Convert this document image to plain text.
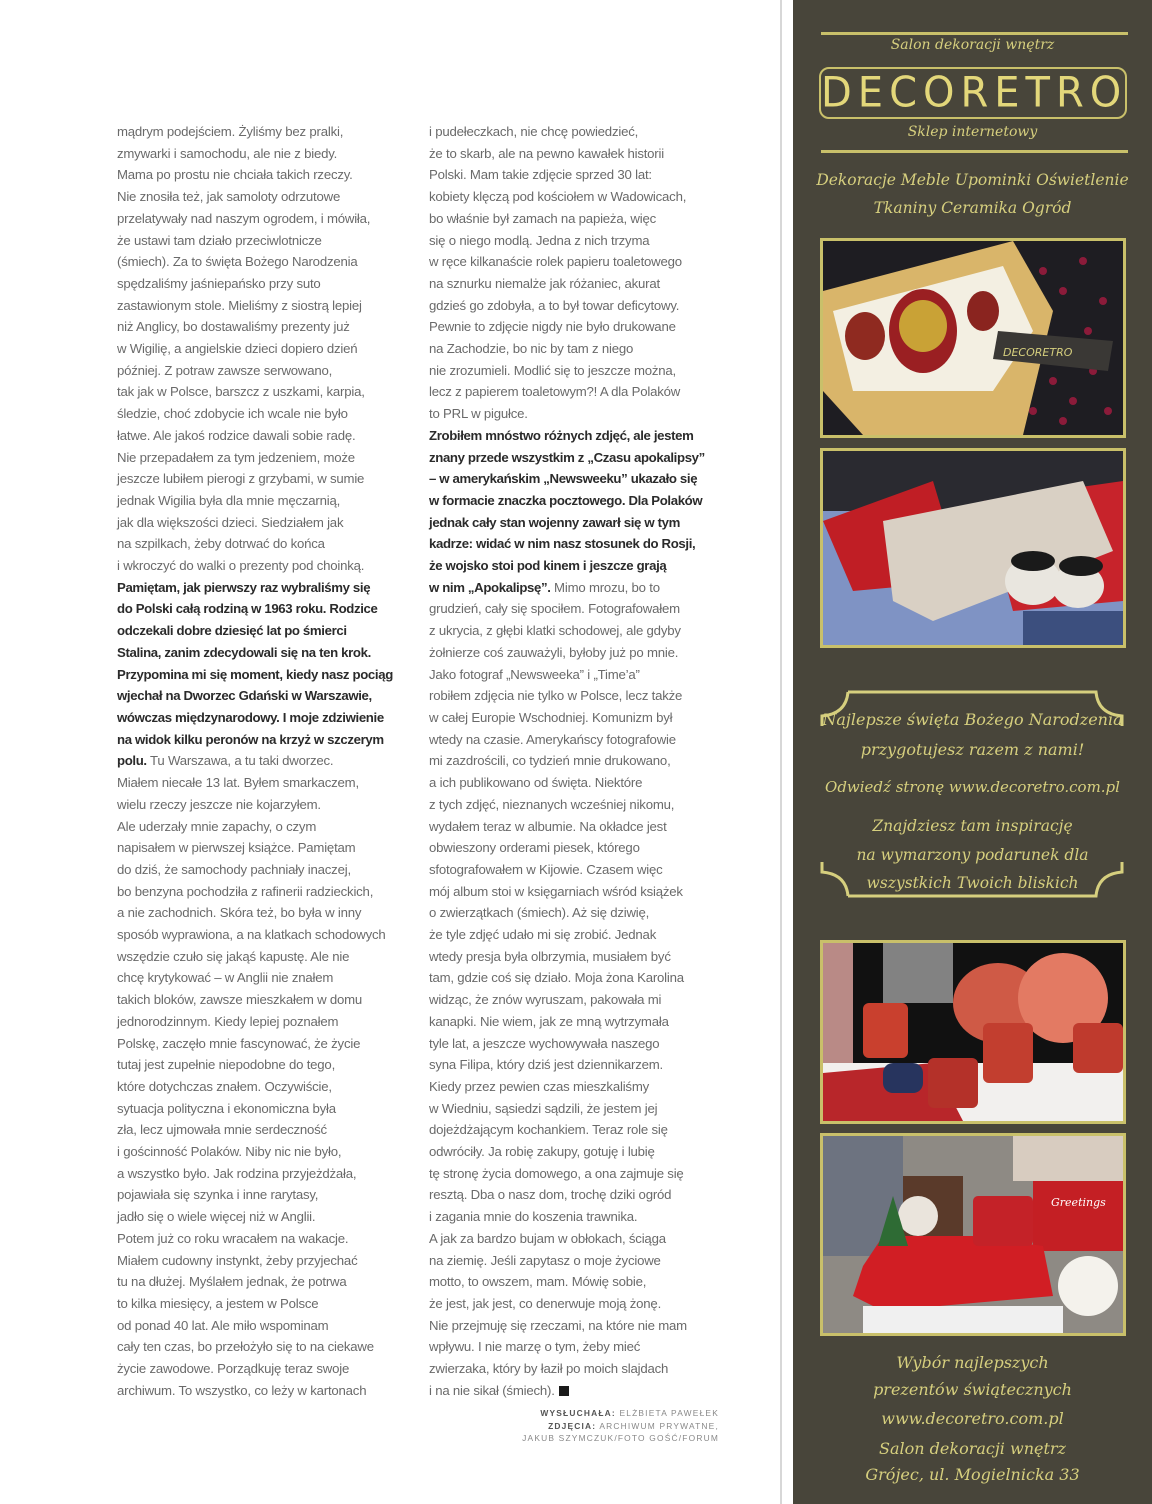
mądrym podejściem. Żyliśmy bez pralki,

zmywarki i samochodu, ale nie z biedy.

Mama po prostu nie chciała takich rzeczy.

Nie znosiła też, jak samoloty odrzutowe

przelatywały nad naszym ogrodem, i mówiła,

że ustawi tam działo przeciwlotnicze

(śmiech). Za to święta Bożego Narodzenia

spędzaliśmy jaśniepańsko przy suto

zastawionym stole. Mieliśmy z siostrą lepiej

niż Anglicy, bo dostawaliśmy prezenty już

w Wigilię, a angielskie dzieci dopiero dzień

później. Z potraw zawsze serwowano,

tak jak w Polsce, barszcz z uszkami, karpia,

śledzie, choć zdobycie ich wcale nie było

łatwe. Ale jakoś rodzice dawali sobie radę.

Nie przepadałem za tym jedzeniem, może

jeszcze lubiłem pierogi z grzybami, w sumie

jednak Wigilia była dla mnie męczarnią,

jak dla większości dzieci. Siedziałem jak

na szpilkach, żeby dotrwać do końca

i wkroczyć do walki o prezenty pod choinką.

Pamiętam, jak pierwszy raz wybraliśmy się

do Polski całą rodziną w 1963 roku. Rodzice

odczekali dobre dziesięć lat po śmierci

Stalina, zanim zdecydowali się na ten krok.

Przypomina mi się moment, kiedy nasz pociąg

wjechał na Dworzec Gdański w Warszawie,

wówczas międzynarodowy. I moje zdziwienie

na widok kilku peronów na krzyż w szczerym

polu. Tu Warszawa, a tu taki dworzec.

Miałem niecałe 13 lat. Byłem smarkaczem,

wielu rzeczy jeszcze nie kojarzyłem.

Ale uderzały mnie zapachy, o czym

napisałem w pierwszej książce. Pamiętam

do dziś, że samochody pachniały inaczej,

bo benzyna pochodziła z rafinerii radzieckich,

a nie zachodnich. Skóra też, bo była w inny

sposób wyprawiona, a na klatkach schodowych

wszędzie czuło się jakąś kapustę. Ale nie

chcę krytykować – w Anglii nie znałem

takich bloków, zawsze mieszkałem w domu

jednorodzinnym. Kiedy lepiej poznałem

Polskę, zaczęło mnie fascynować, że życie

tutaj jest zupełnie niepodobne do tego,

które dotychczas znałem. Oczywiście,

sytuacja polityczna i ekonomiczna była

zła, lecz ujmowała mnie serdeczność

i gościnność Polaków. Niby nic nie było,

a wszystko było. Jak rodzina przyjeżdżała,

pojawiała się szynka i inne rarytasy,

jadło się o wiele więcej niż w Anglii.

Potem już co roku wracałem na wakacje.

Miałem cudowny instynkt, żeby przyjechać

tu na dłużej. Myślałem jednak, że potrwa

to kilka miesięcy, a jestem w Polsce

od ponad 40 lat. Ale miło wspominam

cały ten czas, bo przełożyło się to na ciekawe

życie zawodowe. Porządkuję teraz swoje

archiwum. To wszystko, co leży w kartonach

i pudełeczkach, nie chcę powiedzieć,

że to skarb, ale na pewno kawałek historii

Polski. Mam takie zdjęcie sprzed 30 lat:

kobiety klęczą pod kościołem w Wadowicach,

bo właśnie był zamach na papieża, więc

się o niego modlą. Jedna z nich trzyma

w ręce kilkanaście rolek papieru toaletowego

na sznurku niemalże jak różaniec, akurat

gdzieś go zdobyła, a to był towar deficytowy.

Pewnie to zdjęcie nigdy nie było drukowane

na Zachodzie, bo nic by tam z niego

nie zrozumieli. Modlić się to jeszcze można,

lecz z papierem toaletowym?! A dla Polaków

to PRL w pigułce.

Zrobiłem mnóstwo różnych zdjęć, ale jestem

znany przede wszystkim z „Czasu apokalipsy”

– w amerykańskim „Newsweeku” ukazało się

w formacie znaczka pocztowego. Dla Polaków

jednak cały stan wojenny zawarł się w tym

kadrze: widać w nim nasz stosunek do Rosji,

że wojsko stoi pod kinem i jeszcze grają

w nim „Apokalipsę”. Mimo mrozu, bo to

grudzień, cały się spociłem. Fotografowałem

z ukrycia, z głębi klatki schodowej, ale gdyby

żołnierze coś zauważyli, byłoby już po mnie.

Jako fotograf „Newsweeka” i „Time’a”

robiłem zdjęcia nie tylko w Polsce, lecz także

w całej Europie Wschodniej. Komunizm był

wtedy na czasie. Amerykańscy fotografowie

mi zazdrościli, co tydzień mnie drukowano,

a ich publikowano od święta. Niektóre

z tych zdjęć, nieznanych wcześniej nikomu,

wydałem teraz w albumie. Na okładce jest

obwieszony orderami piesek, którego

sfotografowałem w Kijowie. Czasem więc

mój album stoi w księgarniach wśród książek

o zwierzątkach (śmiech). Aż się dziwię,

że tyle zdjęć udało mi się zrobić. Jednak

wtedy presja była olbrzymia, musiałem być

tam, gdzie coś się działo. Moja żona Karolina

widząc, że znów wyruszam, pakowała mi

kanapki. Nie wiem, jak ze mną wytrzymała

tyle lat, a jeszcze wychowywała naszego

syna Filipa, który dziś jest dziennikarzem.

Kiedy przez pewien czas mieszkaliśmy

w Wiedniu, sąsiedzi sądzili, że jestem jej

dojeżdżającym kochankiem. Teraz role się

odwróciły. Ja robię zakupy, gotuję i lubię

tę stronę życia domowego, a ona zajmuje się

resztą. Dba o nasz dom, trochę dziki ogród

i zagania mnie do koszenia trawnika.

A jak za bardzo bujam w obłokach, ściąga

na ziemię. Jeśli zapytasz o moje życiowe

motto, to owszem, mam. Mówię sobie,

że jest, jak jest, co denerwuje moją żonę.

Nie przejmuję się rzeczami, na które nie mam

wpływu. I nie marzę o tym, żeby mieć

zwierzaka, który by łaził po moich slajdach

i na nie sikał (śmiech).

WYSŁUCHAŁA: ELŻBIETA PAWEŁEK
ZDJĘCIA: ARCHIWUM PRYWATNE,
JAKUB SZYMCZUK/FOTO GOŚĆ/FORUM
Salon dekoracji wnętrz
DECORETRO
Sklep internetowy
Dekoracje Meble Upominki Oświetlenie
Tkaniny Ceramika Ogród
DECORETRO
Najlepsze święta Bożego Narodzenia
przygotujesz razem z nami!
Odwiedź stronę www.decoretro.com.pl
Znajdziesz tam inspirację
na wymarzony podarunek dla
wszystkich Twoich bliskich
Greetings
Wybór najlepszych
prezentów świątecznych
www.decoretro.com.pl
Salon dekoracji wnętrz
Grójec, ul. Mogielnicka 33
